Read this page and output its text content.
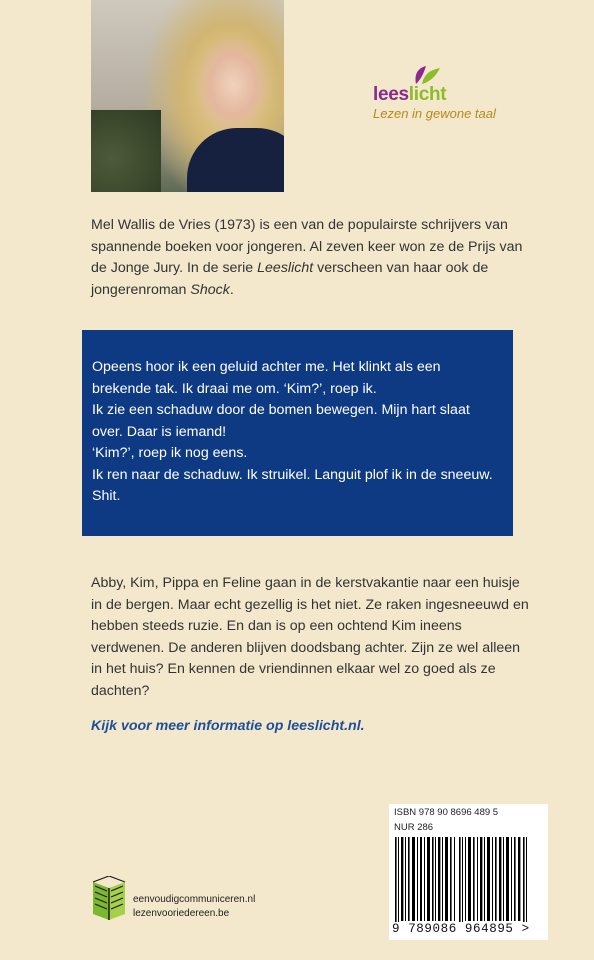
leeslicht
Lezen in gewone taal
Mel Wallis de Vries (1973) is een van de populairste schrijvers van spannende boeken voor jongeren. Al zeven keer won ze de Prijs van de Jonge Jury. In de serie Leeslicht verscheen van haar ook de jongerenroman Shock.

Opeens hoor ik een geluid achter me. Het klinkt als een brekende tak. Ik draai me om. ‘Kim?’, roep ik.

Ik zie een schaduw door de bomen bewegen. Mijn hart slaat over. Daar is iemand!

‘Kim?’, roep ik nog eens.

Ik ren naar de schaduw. Ik struikel. Languit plof ik in de sneeuw. Shit.

Abby, Kim, Pippa en Feline gaan in de kerstvakantie naar een huisje in de bergen. Maar echt gezellig is het niet. Ze raken ingesneeuwd en hebben steeds ruzie. En dan is op een ochtend Kim ineens verdwenen. De anderen blijven doodsbang achter. Zijn ze wel alleen in het huis? En kennen de vriendinnen elkaar wel zo goed als ze dachten?

Kijk voor meer informatie op leeslicht.nl.
ISBN 978 90 8696 489 5
NUR 286
9 789086 964895 >
eenvoudigcommuniceren.nl
lezenvooriedereen.be
